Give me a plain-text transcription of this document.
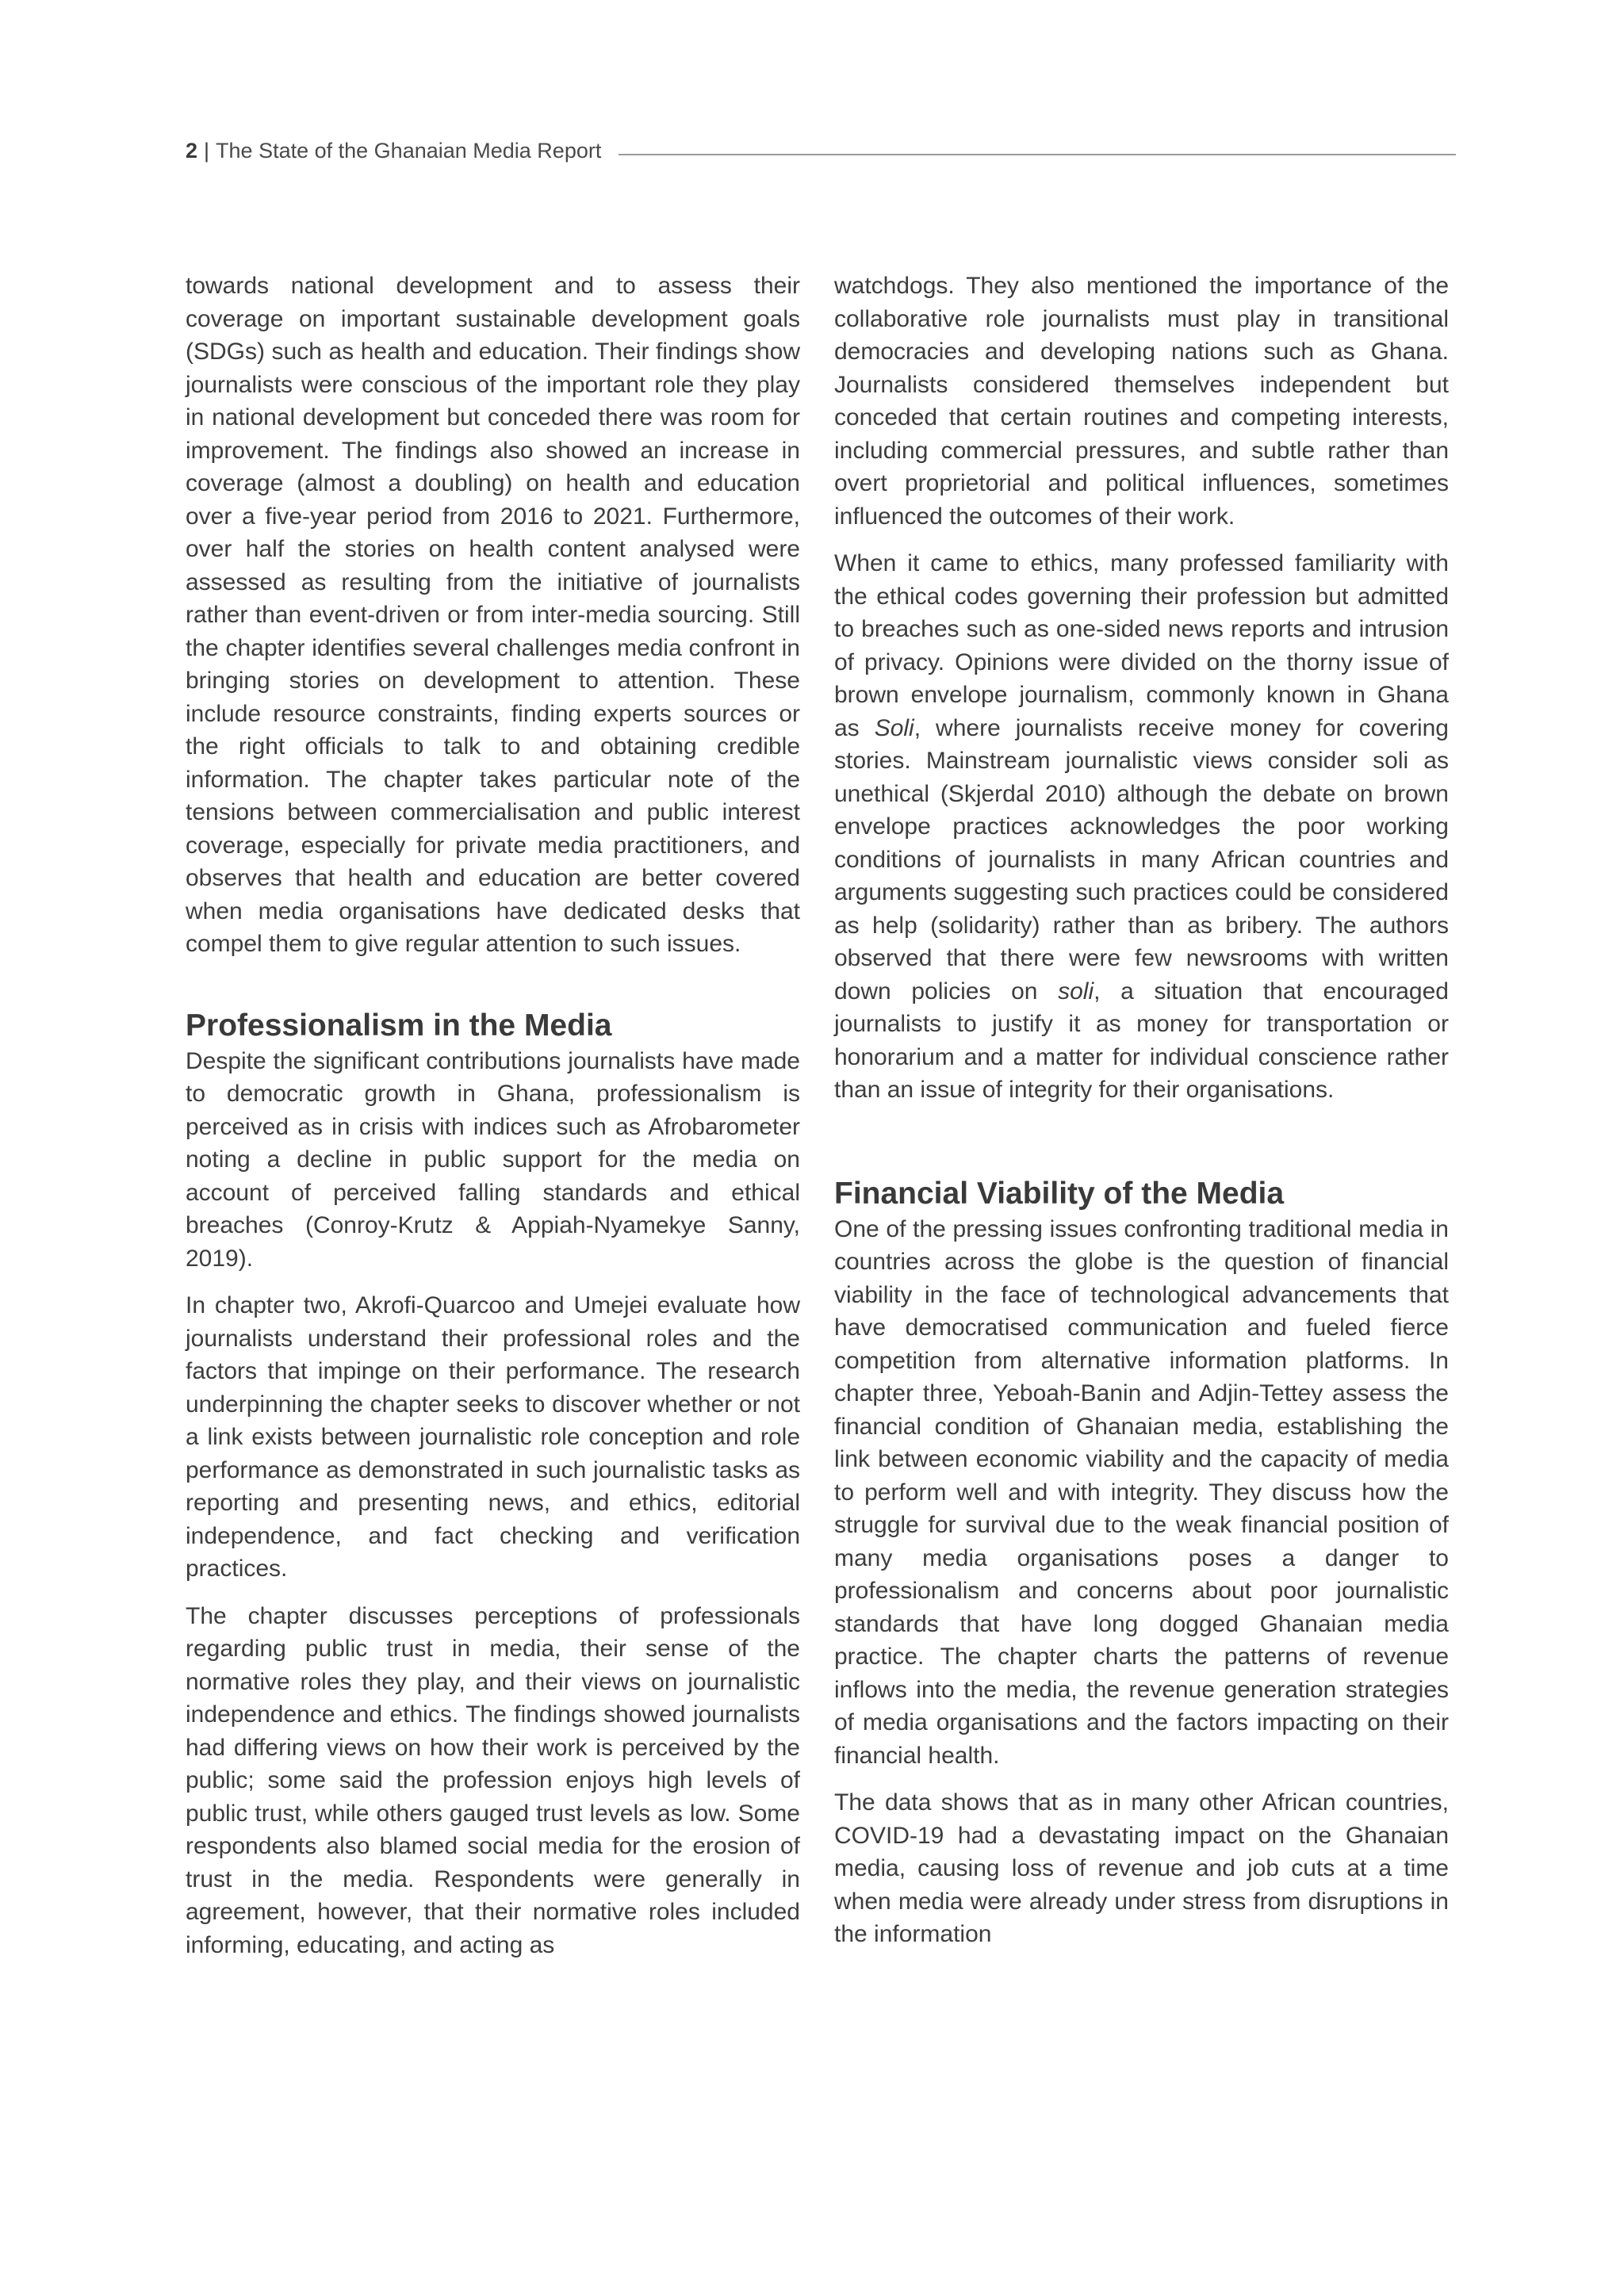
2 | The State of the Ghanaian Media Report

towards national development and to assess their coverage on important sustainable development goals (SDGs) such as health and education. Their findings show journalists were conscious of the important role they play in national development but conceded there was room for improvement. The findings also showed an increase in coverage (almost a doubling) on health and education over a five-year period from 2016 to 2021. Furthermore, over half the stories on health content analysed were assessed as resulting from the initiative of journalists rather than event-driven or from inter-media sourcing. Still the chapter identifies several challenges media confront in bringing stories on development to attention. These include resource constraints, finding experts sources or the right officials to talk to and obtaining credible information. The chapter takes particular note of the tensions between commercialisation and public interest coverage, especially for private media practitioners, and observes that health and education are better covered when media organisations have dedicated desks that compel them to give regular attention to such issues.

Professionalism in the Media

Despite the significant contributions journalists have made to democratic growth in Ghana, professionalism is perceived as in crisis with indices such as Afrobarometer noting a decline in public support for the media on account of perceived falling standards and ethical breaches (Conroy-Krutz & Appiah-Nyamekye Sanny, 2019).

In chapter two, Akrofi-Quarcoo and Umejei evaluate how journalists understand their professional roles and the factors that impinge on their performance. The research underpinning the chapter seeks to discover whether or not a link exists between journalistic role conception and role performance as demonstrated in such journalistic tasks as reporting and presenting news, and ethics, editorial independence, and fact checking and verification practices.

The chapter discusses perceptions of professionals regarding public trust in media, their sense of the normative roles they play, and their views on journalistic independence and ethics. The findings showed journalists had differing views on how their work is perceived by the public; some said the profession enjoys high levels of public trust, while others gauged trust levels as low. Some respondents also blamed social media for the erosion of trust in the media. Respondents were generally in agreement, however, that their normative roles included informing, educating, and acting as

watchdogs. They also mentioned the importance of the collaborative role journalists must play in transitional democracies and developing nations such as Ghana. Journalists considered themselves independent but conceded that certain routines and competing interests, including commercial pressures, and subtle rather than overt proprietorial and political influences, sometimes influenced the outcomes of their work.

When it came to ethics, many professed familiarity with the ethical codes governing their profession but admitted to breaches such as one-sided news reports and intrusion of privacy. Opinions were divided on the thorny issue of brown envelope journalism, commonly known in Ghana as Soli, where journalists receive money for covering stories. Mainstream journalistic views consider soli as unethical (Skjerdal 2010) although the debate on brown envelope practices acknowledges the poor working conditions of journalists in many African countries and arguments suggesting such practices could be considered as help (solidarity) rather than as bribery. The authors observed that there were few newsrooms with written down policies on soli, a situation that encouraged journalists to justify it as money for transportation or honorarium and a matter for individual conscience rather than an issue of integrity for their organisations.

Financial Viability of the Media

One of the pressing issues confronting traditional media in countries across the globe is the question of financial viability in the face of technological advancements that have democratised communication and fueled fierce competition from alternative information platforms. In chapter three, Yeboah-Banin and Adjin-Tettey assess the financial condition of Ghanaian media, establishing the link between economic viability and the capacity of media to perform well and with integrity. They discuss how the struggle for survival due to the weak financial position of many media organisations poses a danger to professionalism and concerns about poor journalistic standards that have long dogged Ghanaian media practice. The chapter charts the patterns of revenue inflows into the media, the revenue generation strategies of media organisations and the factors impacting on their financial health.

The data shows that as in many other African countries, COVID-19 had a devastating impact on the Ghanaian media, causing loss of revenue and job cuts at a time when media were already under stress from disruptions in the information
